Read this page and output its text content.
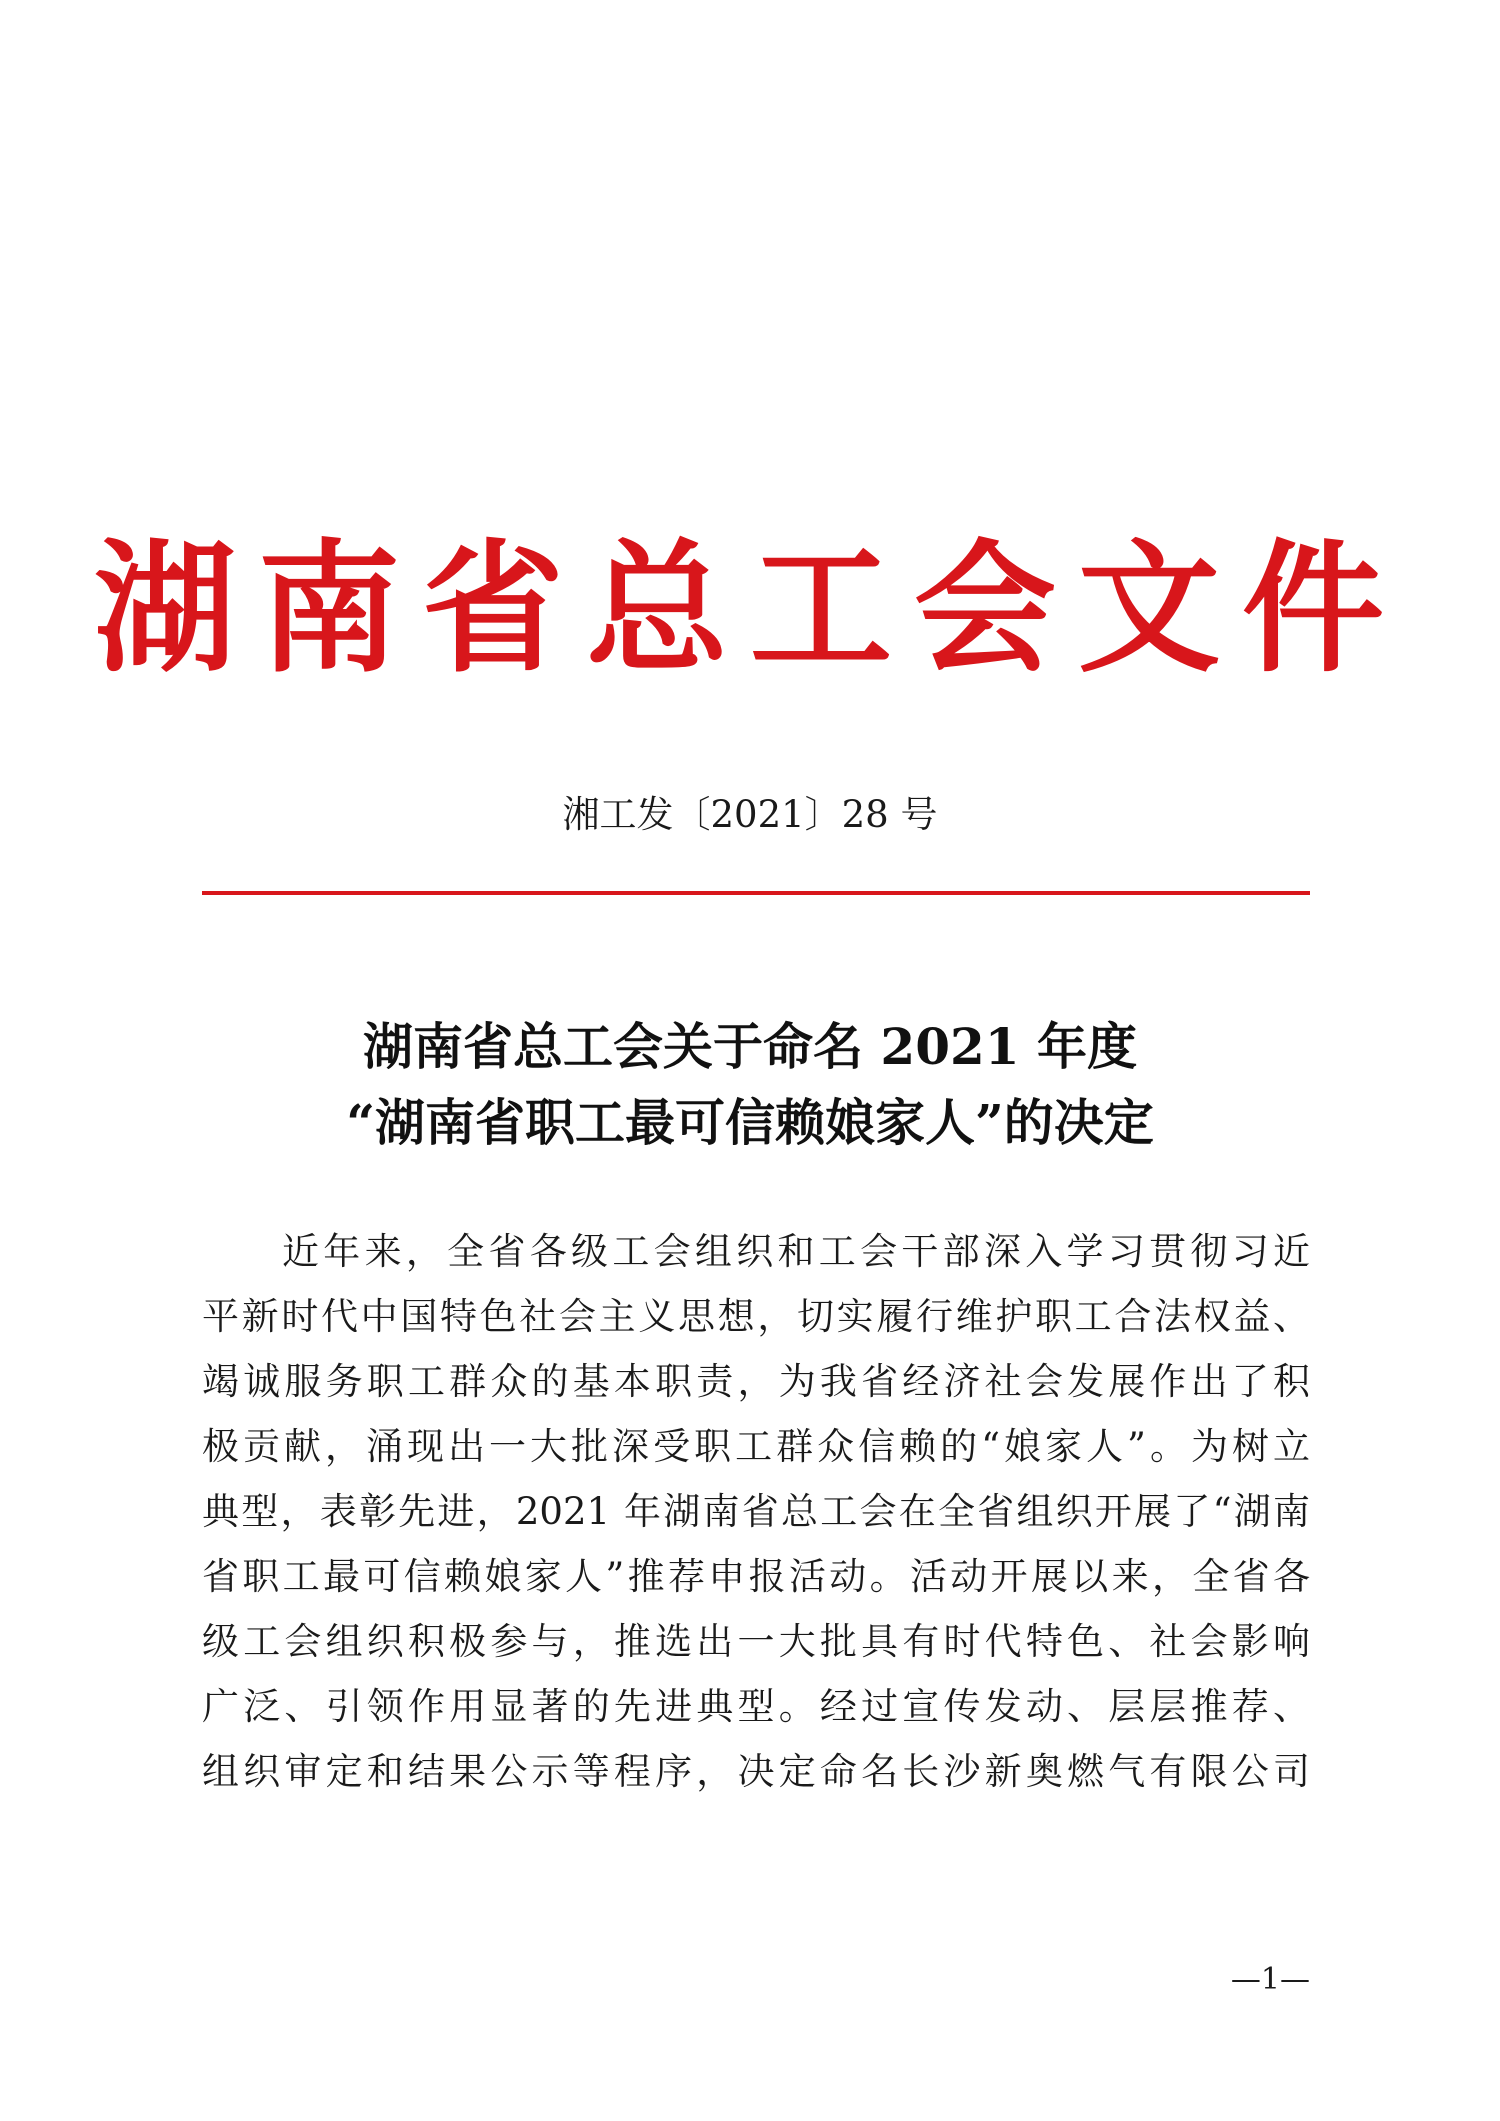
湖南省总工会文件
湘工发〔2021〕28 号
湖南省总工会关于命名 2021 年度
“湖南省职工最可信赖娘家人”的决定
近年来，全省各级工会组织和工会干部深入学习贯彻习近
平新时代中国特色社会主义思想，切实履行维护职工合法权益、
竭诚服务职工群众的基本职责，为我省经济社会发展作出了积
极贡献，涌现出一大批深受职工群众信赖的“娘家人”。为树立
典型，表彰先进，2021 年湖南省总工会在全省组织开展了“湖南
省职工最可信赖娘家人”推荐申报活动。活动开展以来，全省各
级工会组织积极参与，推选出一大批具有时代特色、社会影响
广泛、引领作用显著的先进典型。经过宣传发动、层层推荐、
组织审定和结果公示等程序，决定命名长沙新奥燃气有限公司
—1—
